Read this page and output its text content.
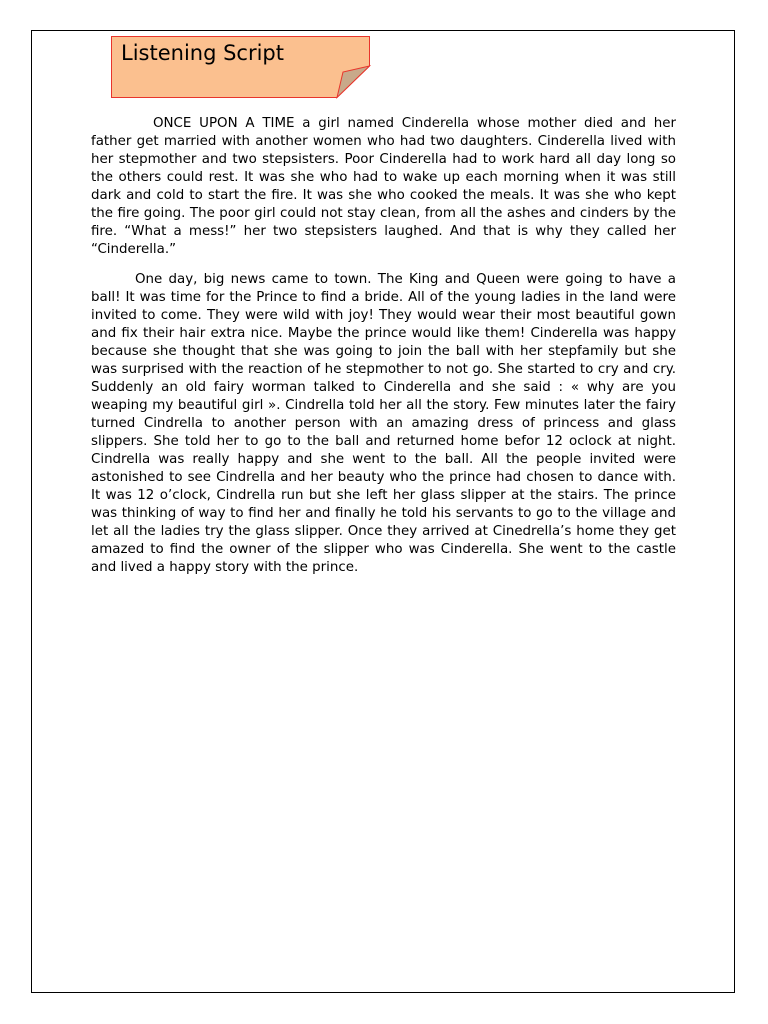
Listening Script

ONCE UPON A TIME a girl named Cinderella whose mother died and her father get married with another women who had two daughters. Cinderella lived with her stepmother and two stepsisters. Poor Cinderella had to work hard all day long so the others could rest. It was she who had to wake up each morning when it was still dark and cold to start the fire. It was she who cooked the meals. It was she who kept the fire going. The poor girl could not stay clean, from all the ashes and cinders by the fire. “What a mess!” her two stepsisters laughed. And that is why they called her “Cinderella.”

One day, big news came to town. The King and Queen were going to have a ball! It was time for the Prince to find a bride. All of the young ladies in the land were invited to come. They were wild with joy! They would wear their most beautiful gown and fix their hair extra nice. Maybe the prince would like them! Cinderella was happy because she thought that she was going to join the ball with her stepfamily but she was surprised with the reaction of he stepmother to not go. She started to cry and cry. Suddenly an old fairy worman talked to Cinderella and she said : « why are you weaping my beautiful girl ». Cindrella told her all the story. Few minutes later the fairy turned Cindrella to another person with an amazing dress of princess and glass slippers. She told her to go to the ball and returned home befor 12 oclock at night. Cindrella was really happy and she went to the ball. All the people invited were astonished to see Cindrella and her beauty who the prince had chosen to dance with. It was 12 o’clock, Cindrella run but she left her glass slipper at the stairs. The prince was thinking of way to find her and finally he told his servants to go to the village and let all the ladies try the glass slipper. Once they arrived at Cinedrella’s home they get amazed to find the owner of the slipper who was Cinderella. She went to the castle and lived a happy story with the prince.
